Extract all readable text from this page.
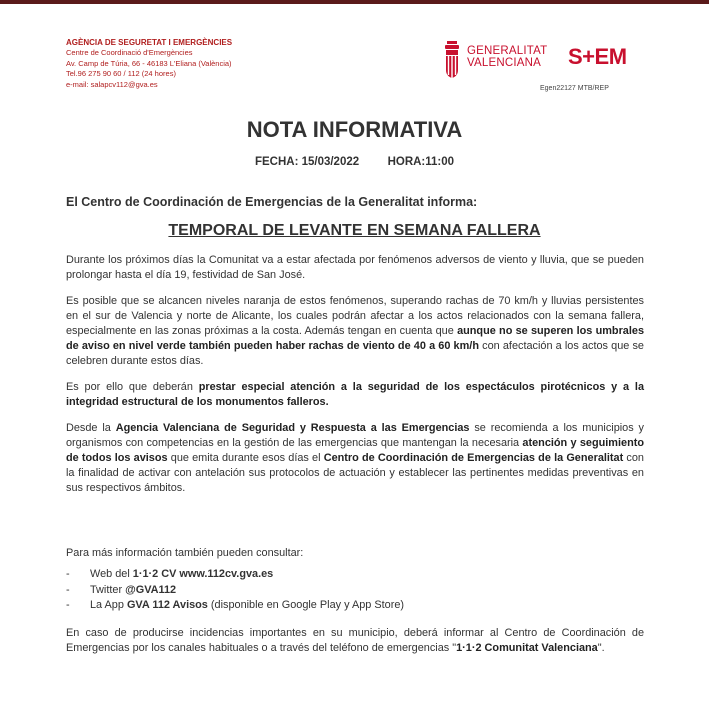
AGÈNCIA DE SEGURETAT I EMERGÈNCIES
Centre de Coordinació d'Emergències
Av. Camp de Túria, 66 - 46183 L'Eliana (València)
Tel.96 275 90 60 / 112 (24 hores)
e-mail: salapcv112@gva.es
GENERALITAT
VALENCIANA S+EM
Egen22127 MTB/REP
NOTA INFORMATIVA
FECHA: 15/03/2022 HORA:11:00
El Centro de Coordinación de Emergencias de la Generalitat informa:
TEMPORAL DE LEVANTE EN SEMANA FALLERA
Durante los próximos días la Comunitat va a estar afectada por fenómenos adversos de viento y lluvia, que se pueden prolongar hasta el día 19, festividad de San José.
Es posible que se alcancen niveles naranja de estos fenómenos, superando rachas de 70 km/h y lluvias persistentes en el sur de Valencia y norte de Alicante, los cuales podrán afectar a los actos relacionados con la semana fallera, especialmente en las zonas próximas a la costa. Además tengan en cuenta que aunque no se superen los umbrales de aviso en nivel verde también pueden haber rachas de viento de 40 a 60 km/h con afectación a los actos que se celebren durante estos días.
Es por ello que deberán prestar especial atención a la seguridad de los espectáculos pirotécnicos y a la integridad estructural de los monumentos falleros.
Desde la Agencia Valenciana de Seguridad y Respuesta a las Emergencias se recomienda a los municipios y organismos con competencias en la gestión de las emergencias que mantengan la necesaria atención y seguimiento de todos los avisos que emita durante esos días el Centro de Coordinación de Emergencias de la Generalitat con la finalidad de activar con antelación sus protocolos de actuación y establecer las pertinentes medidas preventivas en sus respectivos ámbitos.
Para más información también pueden consultar:
- Web del 1·1·2 CV www.112cv.gva.es
- Twitter @GVA112
- La App GVA 112 Avisos (disponible en Google Play y App Store)
En caso de producirse incidencias importantes en su municipio, deberá informar al Centro de Coordinación de Emergencias por los canales habituales o a través del teléfono de emergencias "1·1·2 Comunitat Valenciana".
